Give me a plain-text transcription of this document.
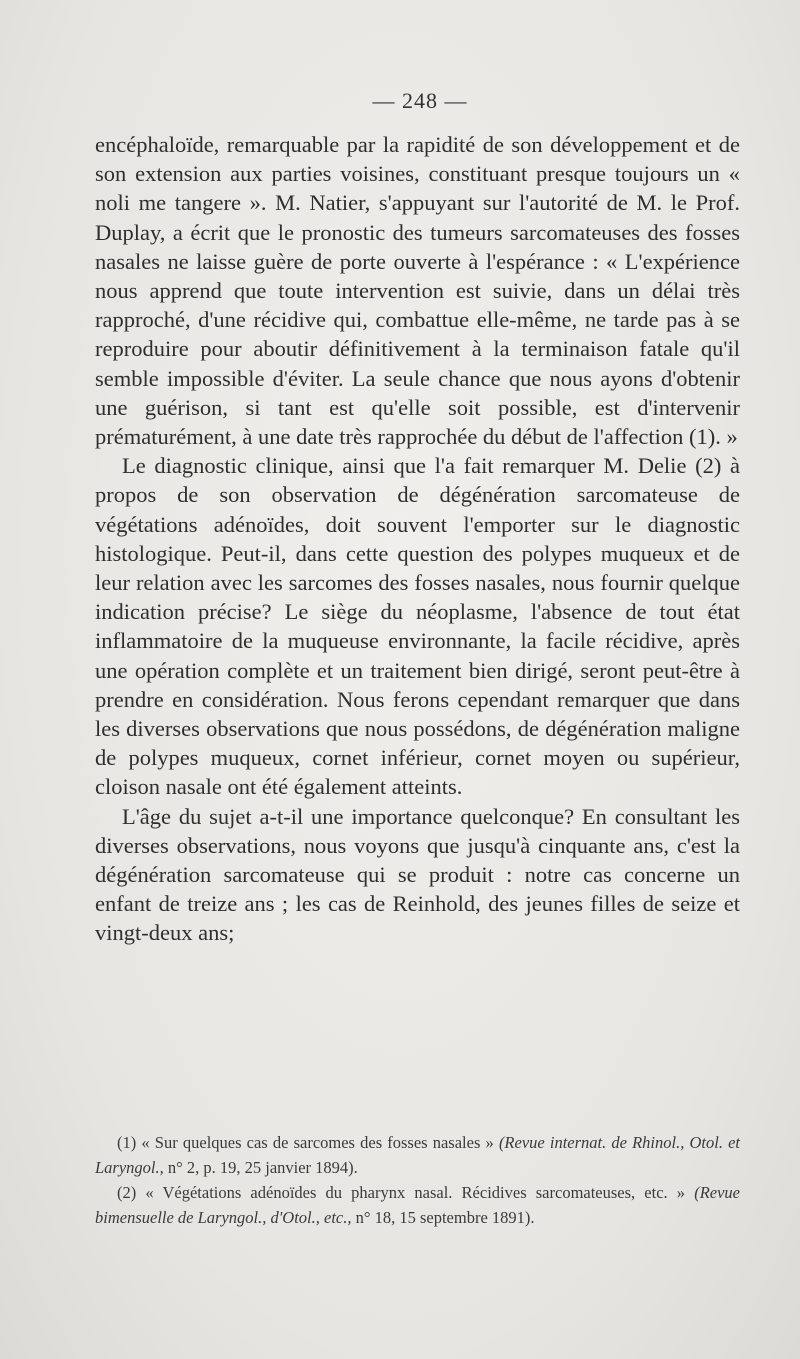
— 248 —

encéphaloïde, remarquable par la rapidité de son développement et de son extension aux parties voisines, constituant presque toujours un « noli me tangere ». M. Natier, s'appuyant sur l'autorité de M. le Prof. Duplay, a écrit que le pronostic des tumeurs sarcomateuses des fosses nasales ne laisse guère de porte ouverte à l'espérance : « L'expérience nous apprend que toute intervention est suivie, dans un délai très rapproché, d'une récidive qui, combattue elle-même, ne tarde pas à se reproduire pour aboutir définitivement à la terminaison fatale qu'il semble impossible d'éviter. La seule chance que nous ayons d'obtenir une guérison, si tant est qu'elle soit possible, est d'intervenir prématurément, à une date très rapprochée du début de l'affection (1). »

Le diagnostic clinique, ainsi que l'a fait remarquer M. Delie (2) à propos de son observation de dégénération sarcomateuse de végétations adénoïdes, doit souvent l'emporter sur le diagnostic histologique. Peut-il, dans cette question des polypes muqueux et de leur relation avec les sarcomes des fosses nasales, nous fournir quelque indication précise? Le siège du néoplasme, l'absence de tout état inflammatoire de la muqueuse environnante, la facile récidive, après une opération complète et un traitement bien dirigé, seront peut-être à prendre en considération. Nous ferons cependant remarquer que dans les diverses observations que nous possédons, de dégénération maligne de polypes muqueux, cornet inférieur, cornet moyen ou supérieur, cloison nasale ont été également atteints.

L'âge du sujet a-t-il une importance quelconque? En consultant les diverses observations, nous voyons que jusqu'à cinquante ans, c'est la dégénération sarcomateuse qui se produit : notre cas concerne un enfant de treize ans ; les cas de Reinhold, des jeunes filles de seize et vingt-deux ans;

(1) « Sur quelques cas de sarcomes des fosses nasales » (Revue internat. de Rhinol., Otol. et Laryngol., n° 2, p. 19, 25 janvier 1894).

(2) « Végétations adénoïdes du pharynx nasal. Récidives sarcomateuses, etc. » (Revue bimensuelle de Laryngol., d'Otol., etc., n° 18, 15 septembre 1891).
